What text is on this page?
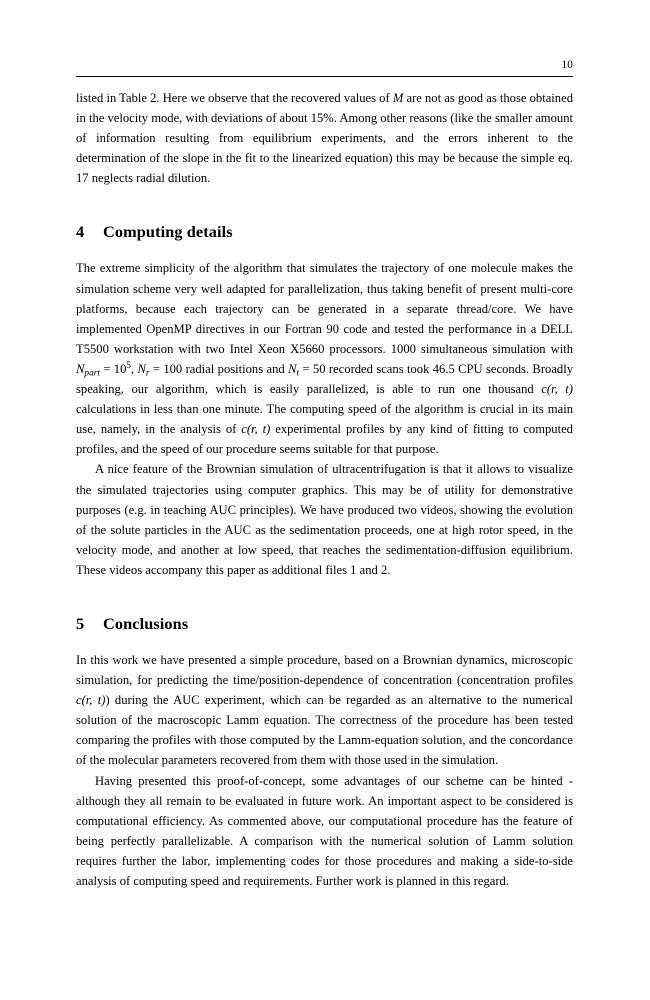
10

listed in Table 2. Here we observe that the recovered values of M are not as good as those obtained in the velocity mode, with deviations of about 15%. Among other reasons (like the smaller amount of information resulting from equilibrium experiments, and the errors inherent to the determination of the slope in the fit to the linearized equation) this may be because the simple eq. 17 neglects radial dilution.

4 Computing details

The extreme simplicity of the algorithm that simulates the trajectory of one molecule makes the simulation scheme very well adapted for parallelization, thus taking benefit of present multi-core platforms, because each trajectory can be generated in a separate thread/core. We have implemented OpenMP directives in our Fortran 90 code and tested the performance in a DELL T5500 workstation with two Intel Xeon X5660 processors. 1000 simultaneous simulation with $N_{part} = 10^5$, $N_r = 100$ radial positions and $N_t = 50$ recorded scans took 46.5 CPU seconds. Broadly speaking, our algorithm, which is easily parallelized, is able to run one thousand c(r, t) calculations in less than one minute. The computing speed of the algorithm is crucial in its main use, namely, in the analysis of c(r, t) experimental profiles by any kind of fitting to computed profiles, and the speed of our procedure seems suitable for that purpose.

A nice feature of the Brownian simulation of ultracentrifugation is that it allows to visualize the simulated trajectories using computer graphics. This may be of utility for demonstrative purposes (e.g. in teaching AUC principles). We have produced two videos, showing the evolution of the solute particles in the AUC as the sedimentation proceeds, one at high rotor speed, in the velocity mode, and another at low speed, that reaches the sedimentation-diffusion equilibrium. These videos accompany this paper as additional files 1 and 2.

5 Conclusions

In this work we have presented a simple procedure, based on a Brownian dynamics, microscopic simulation, for predicting the time/position-dependence of concentration (concentration profiles c(r, t)) during the AUC experiment, which can be regarded as an alternative to the numerical solution of the macroscopic Lamm equation. The correctness of the procedure has been tested comparing the profiles with those computed by the Lamm-equation solution, and the concordance of the molecular parameters recovered from them with those used in the simulation.

Having presented this proof-of-concept, some advantages of our scheme can be hinted - although they all remain to be evaluated in future work. An important aspect to be considered is computational efficiency. As commented above, our computational procedure has the feature of being perfectly parallelizable. A comparison with the numerical solution of Lamm solution requires further the labor, implementing codes for those procedures and making a side-to-side analysis of computing speed and requirements. Further work is planned in this regard.
